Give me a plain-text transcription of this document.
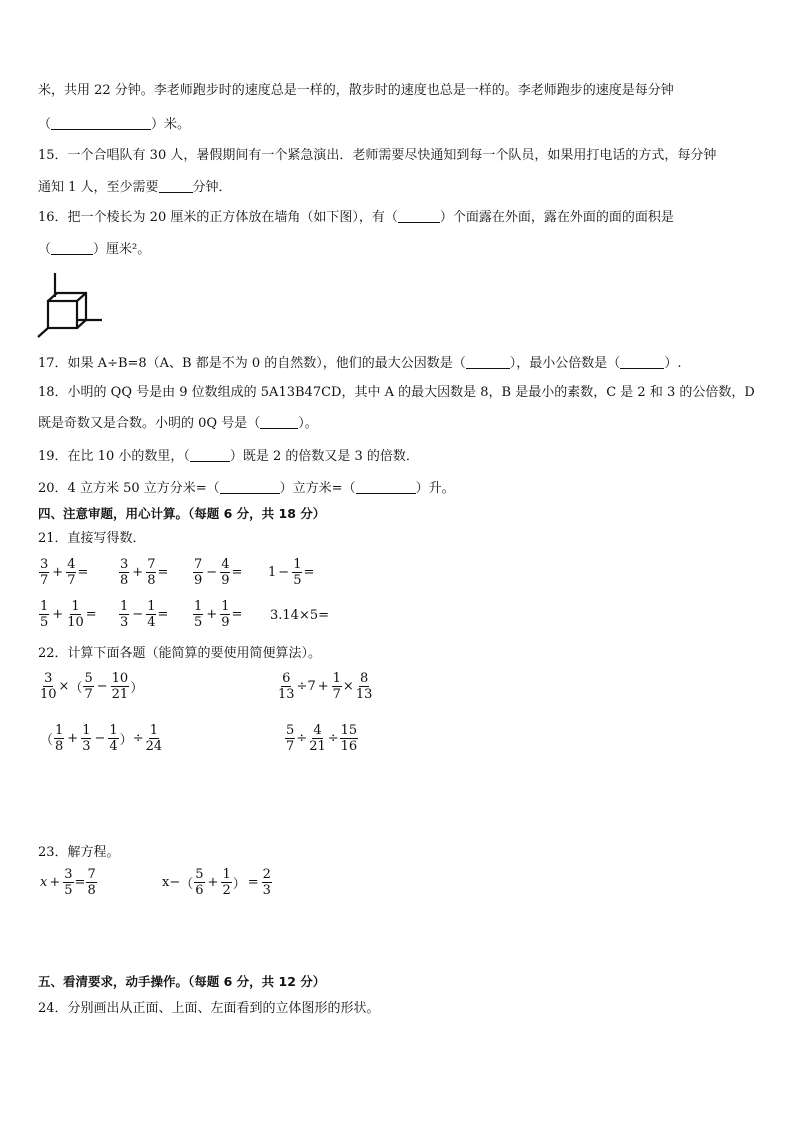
米，共用 22 分钟。李老师跑步时的速度总是一样的，散步时的速度也总是一样的。李老师跑步的速度是每分钟
（	）米。
15．一个合唱队有 30 人，暑假期间有一个紧急演出．老师需要尽快通知到每一个队员，如果用打电话的方式，每分钟
通知 1 人，至少需要	分钟．
16．把一个棱长为 20 厘米的正方体放在墙角（如下图），有（	）个面露在外面，露在外面的面的面积是
（	）厘米²。
17．如果 A÷B=8（A、B 都是不为 0 的自然数），他们的最大公因数是（	），最小公倍数是（	）.
18．小明的 QQ 号是由 9 位数组成的 5A13B47CD，其中 A 的最大因数是 8，B 是最小的素数，C 是 2 和 3 的公倍数，D
既是奇数又是合数。小明的 0Q 号是（	）。
19．在比 10 小的数里，（	）既是 2 的倍数又是 3 的倍数．
20．4 立方米 50 立方分米=（	）立方米=（	）升。
四、注意审题，用心计算。（每题 6 分，共 18 分）
21．直接写得数．
$\frac{3}{7} + \frac{4}{7} = \frac{3}{8} + \frac{7}{8} = \frac{7}{9} - \frac{4}{9} = 1 - \frac{1}{5}$ =
$\frac{1}{5} + \frac{1}{10} = \frac{1}{3} - \frac{1}{4} = \frac{1}{5} + \frac{1}{9} = 3.14\times 5=$
22．计算下面各题（能简算的要使用简便算法）。
$\frac{3}{10}$ × （ $\frac{5}{7} - \frac{10}{21}$ ）	$\frac{6}{13} \div 7 + \frac{1}{7} \times \frac{8}{13}$
（ $\frac{1}{8} + \frac{1}{3} - \frac{1}{4}$ ） ÷ $\frac{1}{24}$	$\frac{5}{7} \div \frac{4}{21} \div \frac{15}{16}$
23．解方程。
$x + \frac{3}{5} = \frac{7}{8}$	x− （ $\frac{5}{6} + \frac{1}{2}$ ） = $\frac{2}{3}$
五、看清要求，动手操作。（每题 6 分，共 12 分）
24．分别画出从正面、上面、左面看到的立体图形的形状。
